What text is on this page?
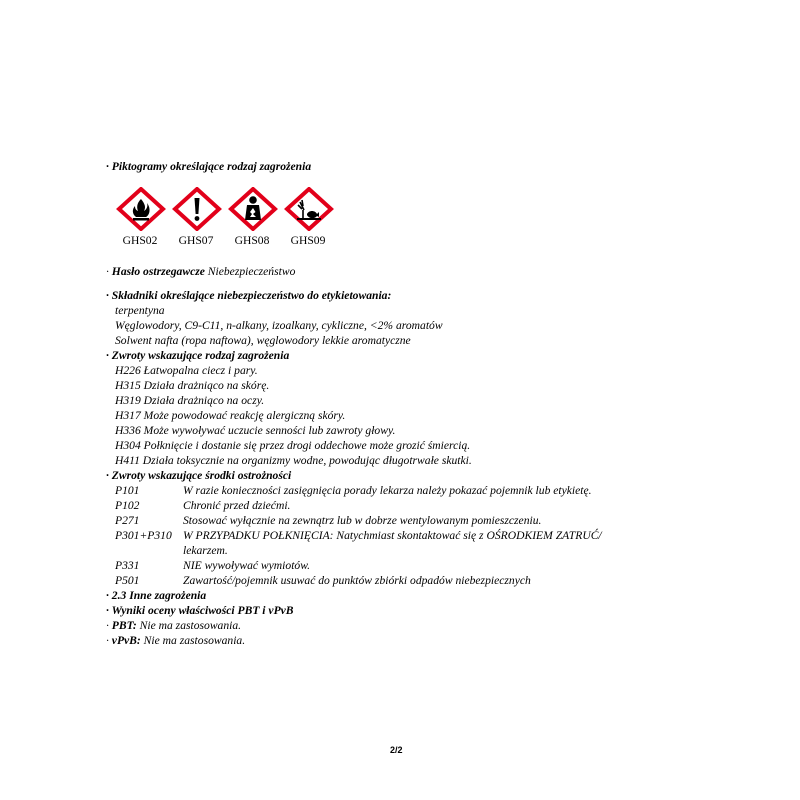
· Piktogramy określające rodzaj zagrożenia
GHS02	GHS07	GHS08	GHS09
· Hasło ostrzegawcze Niebezpieczeństwo
· Składniki określające niebezpieczeństwo do etykietowania:
terpentyna
Węglowodory, C9-C11, n-alkany, izoalkany, cykliczne, <2% aromatów
Solwent nafta (ropa naftowa), węglowodory lekkie aromatyczne
· Zwroty wskazujące rodzaj zagrożenia
H226 Łatwopalna ciecz i pary.
H315 Działa drażniąco na skórę.
H319 Działa drażniąco na oczy.
H317 Może powodować reakcję alergiczną skóry.
H336 Może wywoływać uczucie senności lub zawroty głowy.
H304 Połknięcie i dostanie się przez drogi oddechowe może grozić śmiercią.
H411 Działa toksycznie na organizmy wodne, powodując długotrwałe skutki.
· Zwroty wskazujące środki ostrożności
P101	W razie konieczności zasięgnięcia porady lekarza należy pokazać pojemnik lub etykietę.
P102	Chronić przed dziećmi.
P271	Stosować wyłącznie na zewnątrz lub w dobrze wentylowanym pomieszczeniu.
P301+P310 W PRZYPADKU POŁKNIĘCIA: Natychmiast skontaktować się z OŚRODKIEM ZATRUĆ/
lekarzem.
P331	NIE wywoływać wymiotów.
P501	Zawartość/pojemnik usuwać do punktów zbiórki odpadów niebezpiecznych
· 2.3 Inne zagrożenia
· Wyniki oceny właściwości PBT i vPvB
· PBT: Nie ma zastosowania.
· vPvB: Nie ma zastosowania.
2/2
